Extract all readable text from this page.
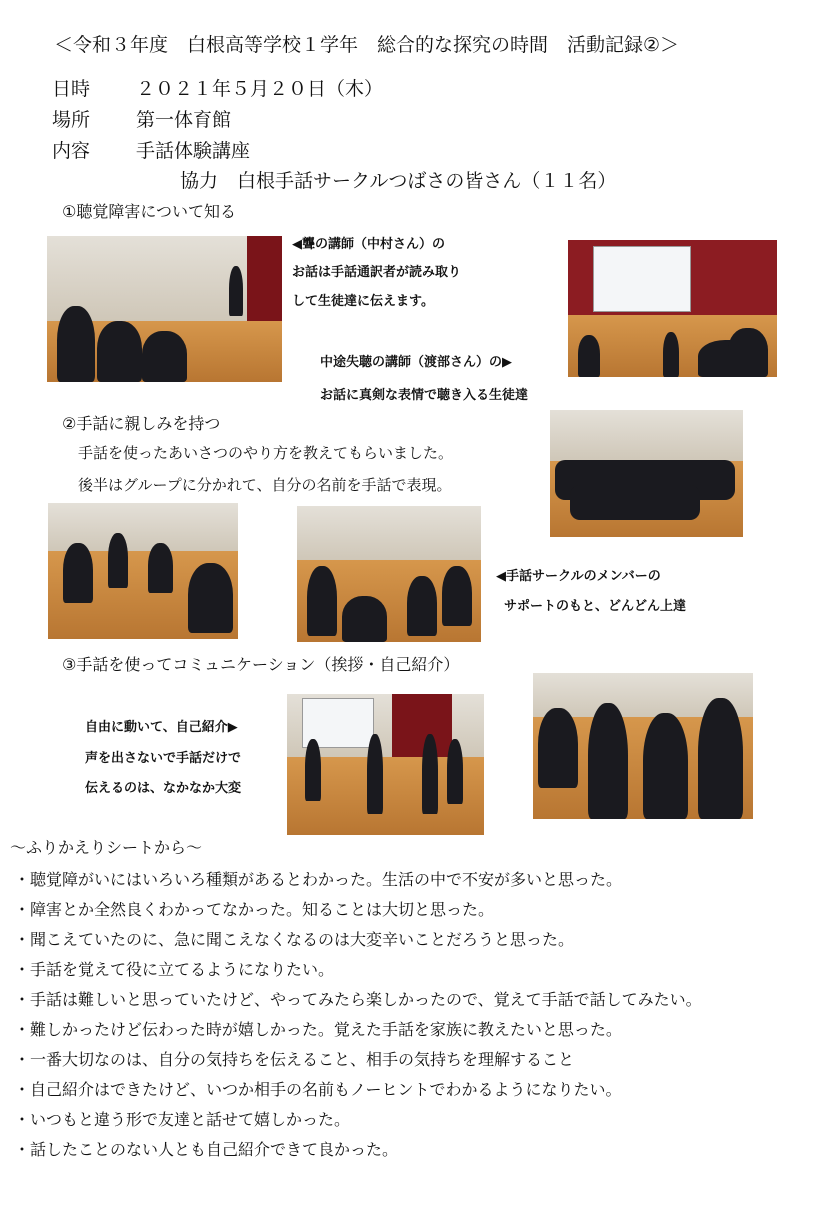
＜令和３年度　白根高等学校１学年　総合的な探究の時間　活動記録②＞
日時 ２０２１年５月２０日（木）
場所 第一体育館
内容 手話体験講座
協力　白根手話サークルつばさの皆さん（１１名）
①聴覚障害について知る
◀聾の講師（中村さん）の
お話は手話通訳者が読み取り
して生徒達に伝えます。
中途失聴の講師（渡部さん）の▶
お話に真剣な表情で聴き入る生徒達
②手話に親しみを持つ
手話を使ったあいさつのやり方を教えてもらいました。
後半はグループに分かれて、自分の名前を手話で表現。
◀手話サークルのメンバーの
サポートのもと、どんどん上達
③手話を使ってコミュニケーション（挨拶・自己紹介）
自由に動いて、自己紹介▶
声を出さないで手話だけで
伝えるのは、なかなか大変
～ふりかえりシートから～
・聴覚障がいにはいろいろ種類があるとわかった。生活の中で不安が多いと思った。
・障害とか全然良くわかってなかった。知ることは大切と思った。
・聞こえていたのに、急に聞こえなくなるのは大変辛いことだろうと思った。
・手話を覚えて役に立てるようになりたい。
・手話は難しいと思っていたけど、やってみたら楽しかったので、覚えて手話で話してみたい。
・難しかったけど伝わった時が嬉しかった。覚えた手話を家族に教えたいと思った。
・一番大切なのは、自分の気持ちを伝えること、相手の気持ちを理解すること
・自己紹介はできたけど、いつか相手の名前もノーヒントでわかるようになりたい。
・いつもと違う形で友達と話せて嬉しかった。
・話したことのない人とも自己紹介できて良かった。
